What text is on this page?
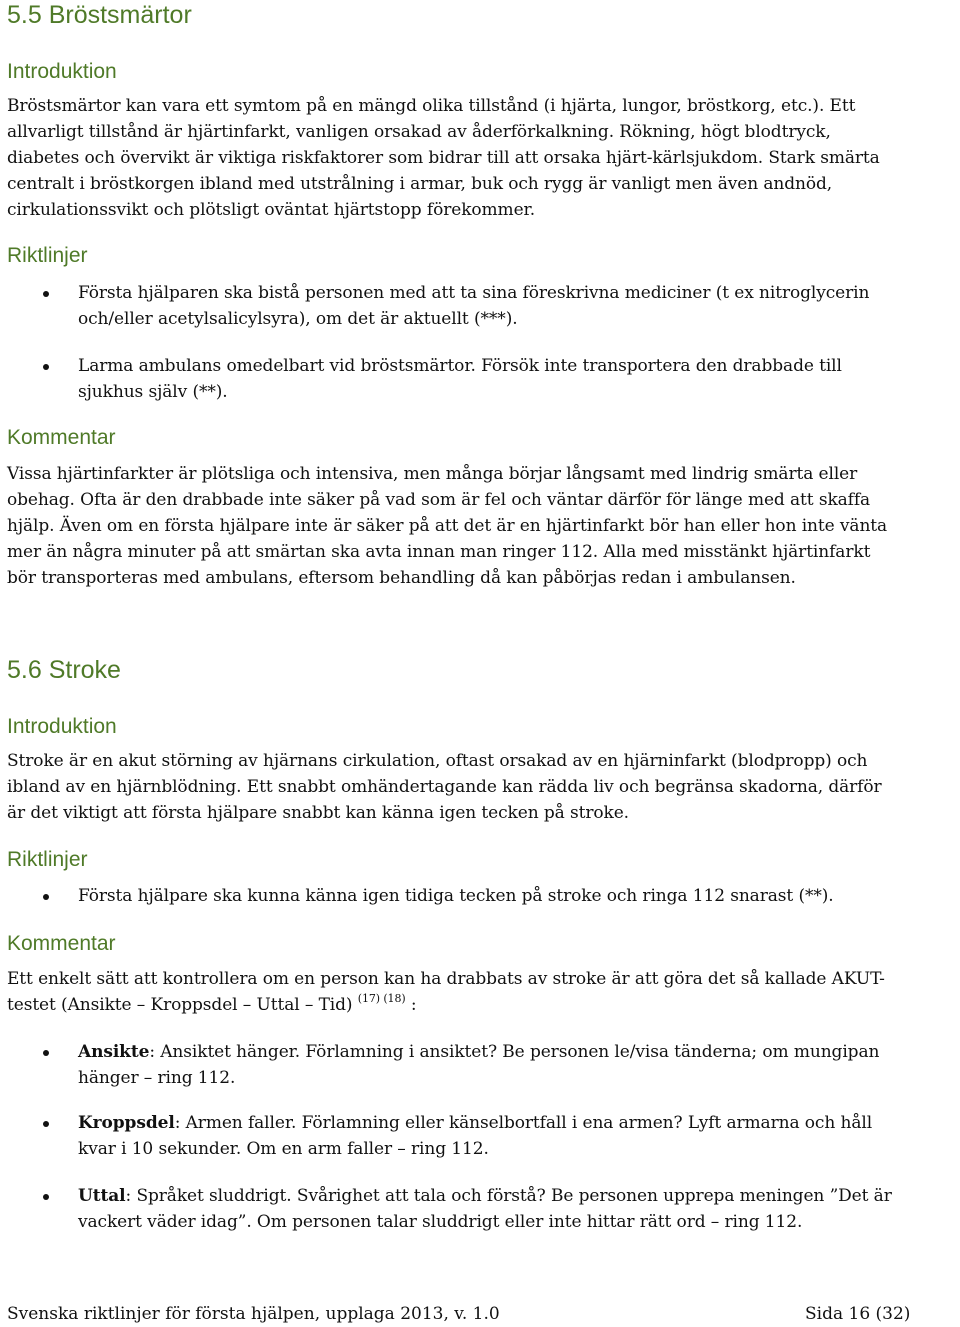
5.5 Bröstsmärtor
Introduktion
Bröstsmärtor kan vara ett symtom på en mängd olika tillstånd (i hjärta, lungor, bröstkorg, etc.). Ett
allvarligt tillstånd är hjärtinfarkt, vanligen orsakad av åderförkalkning. Rökning, högt blodtryck,
diabetes och övervikt är viktiga riskfaktorer som bidrar till att orsaka hjärt-kärlsjukdom. Stark smärta
centralt i bröstkorgen ibland med utstrålning i armar, buk och rygg är vanligt men även andnöd,
cirkulationssvikt och plötsligt oväntat hjärtstopp förekommer.
Riktlinjer
Första hjälparen ska bistå personen med att ta sina föreskrivna mediciner (t ex nitroglycerin
och/eller acetylsalicylsyra), om det är aktuellt (***).
Larma ambulans omedelbart vid bröstsmärtor. Försök inte transportera den drabbade till
sjukhus själv (**).
Kommentar
Vissa hjärtinfarkter är plötsliga och intensiva, men många börjar långsamt med lindrig smärta eller
obehag. Ofta är den drabbade inte säker på vad som är fel och väntar därför för länge med att skaffa
hjälp. Även om en första hjälpare inte är säker på att det är en hjärtinfarkt bör han eller hon inte vänta
mer än några minuter på att smärtan ska avta innan man ringer 112. Alla med misstänkt hjärtinfarkt
bör transporteras med ambulans, eftersom behandling då kan påbörjas redan i ambulansen.
5.6 Stroke
Introduktion
Stroke är en akut störning av hjärnans cirkulation, oftast orsakad av en hjärninfarkt (blodpropp) och
ibland av en hjärnblödning. Ett snabbt omhändertagande kan rädda liv och begränsa skadorna, därför
är det viktigt att första hjälpare snabbt kan känna igen tecken på stroke.
Riktlinjer
Första hjälpare ska kunna känna igen tidiga tecken på stroke och ringa 112 snarast (**).
Kommentar
Ett enkelt sätt att kontrollera om en person kan ha drabbats av stroke är att göra det så kallade AKUT-
testet (Ansikte – Kroppsdel – Uttal – Tid) $^{(17) (18)}$ :
Ansikte: Ansiktet hänger. Förlamning i ansiktet? Be personen le/visa tänderna; om mungipan
hänger – ring 112.
Kroppsdel: Armen faller. Förlamning eller känselbortfall i ena armen? Lyft armarna och håll
kvar i 10 sekunder. Om en arm faller – ring 112.
Uttal: Språket sluddrigt. Svårighet att tala och förstå? Be personen upprepa meningen ”Det är
vackert väder idag”. Om personen talar sluddrigt eller inte hittar rätt ord – ring 112.
Svenska riktlinjer för första hjälpen, upplaga 2013, v. 1.0	Sida 16 (32)
